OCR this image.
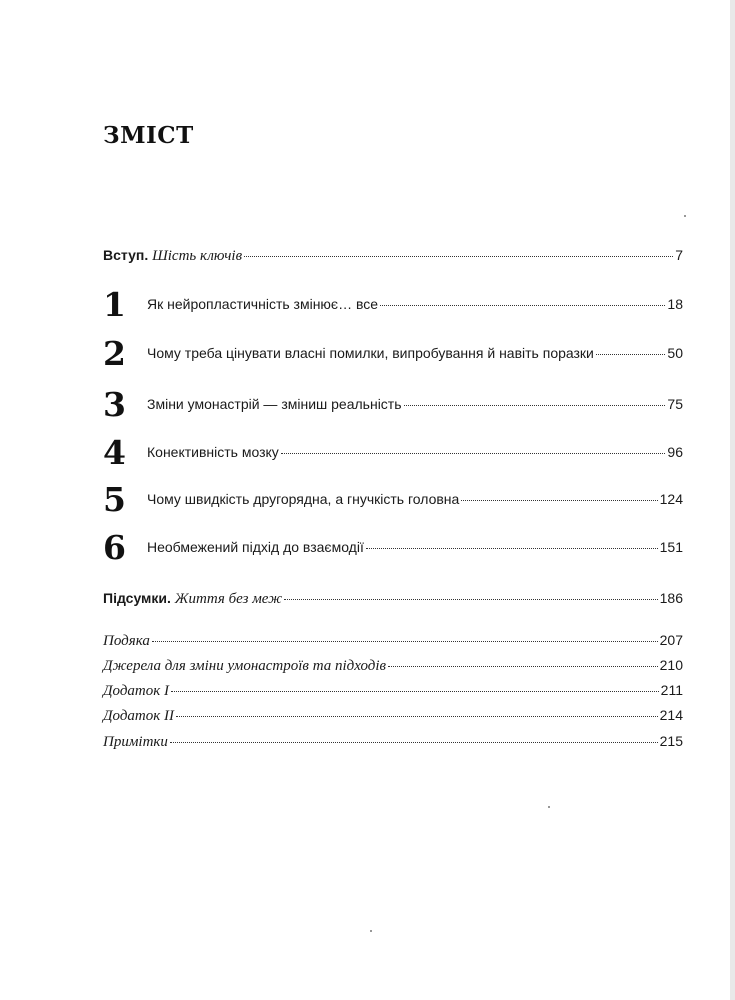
ЗМІСТ
Вступ. Шість ключів	7
1 Як нейропластичність змінює… все	18
2 Чому треба цінувати власні помилки, випробування й навіть поразки	50
3 Зміни умонастрій — зміниш реальність	75
4 Конективність мозку	96
5 Чому швидкість другорядна, а гнучкість головна	124
6 Необмежений підхід до взаємодії	151
Підсумки. Життя без меж	186
Подяка	207
Джерела для зміни умонастроїв та підходів	210
Додаток I	211
Додаток II	214
Примітки	215
